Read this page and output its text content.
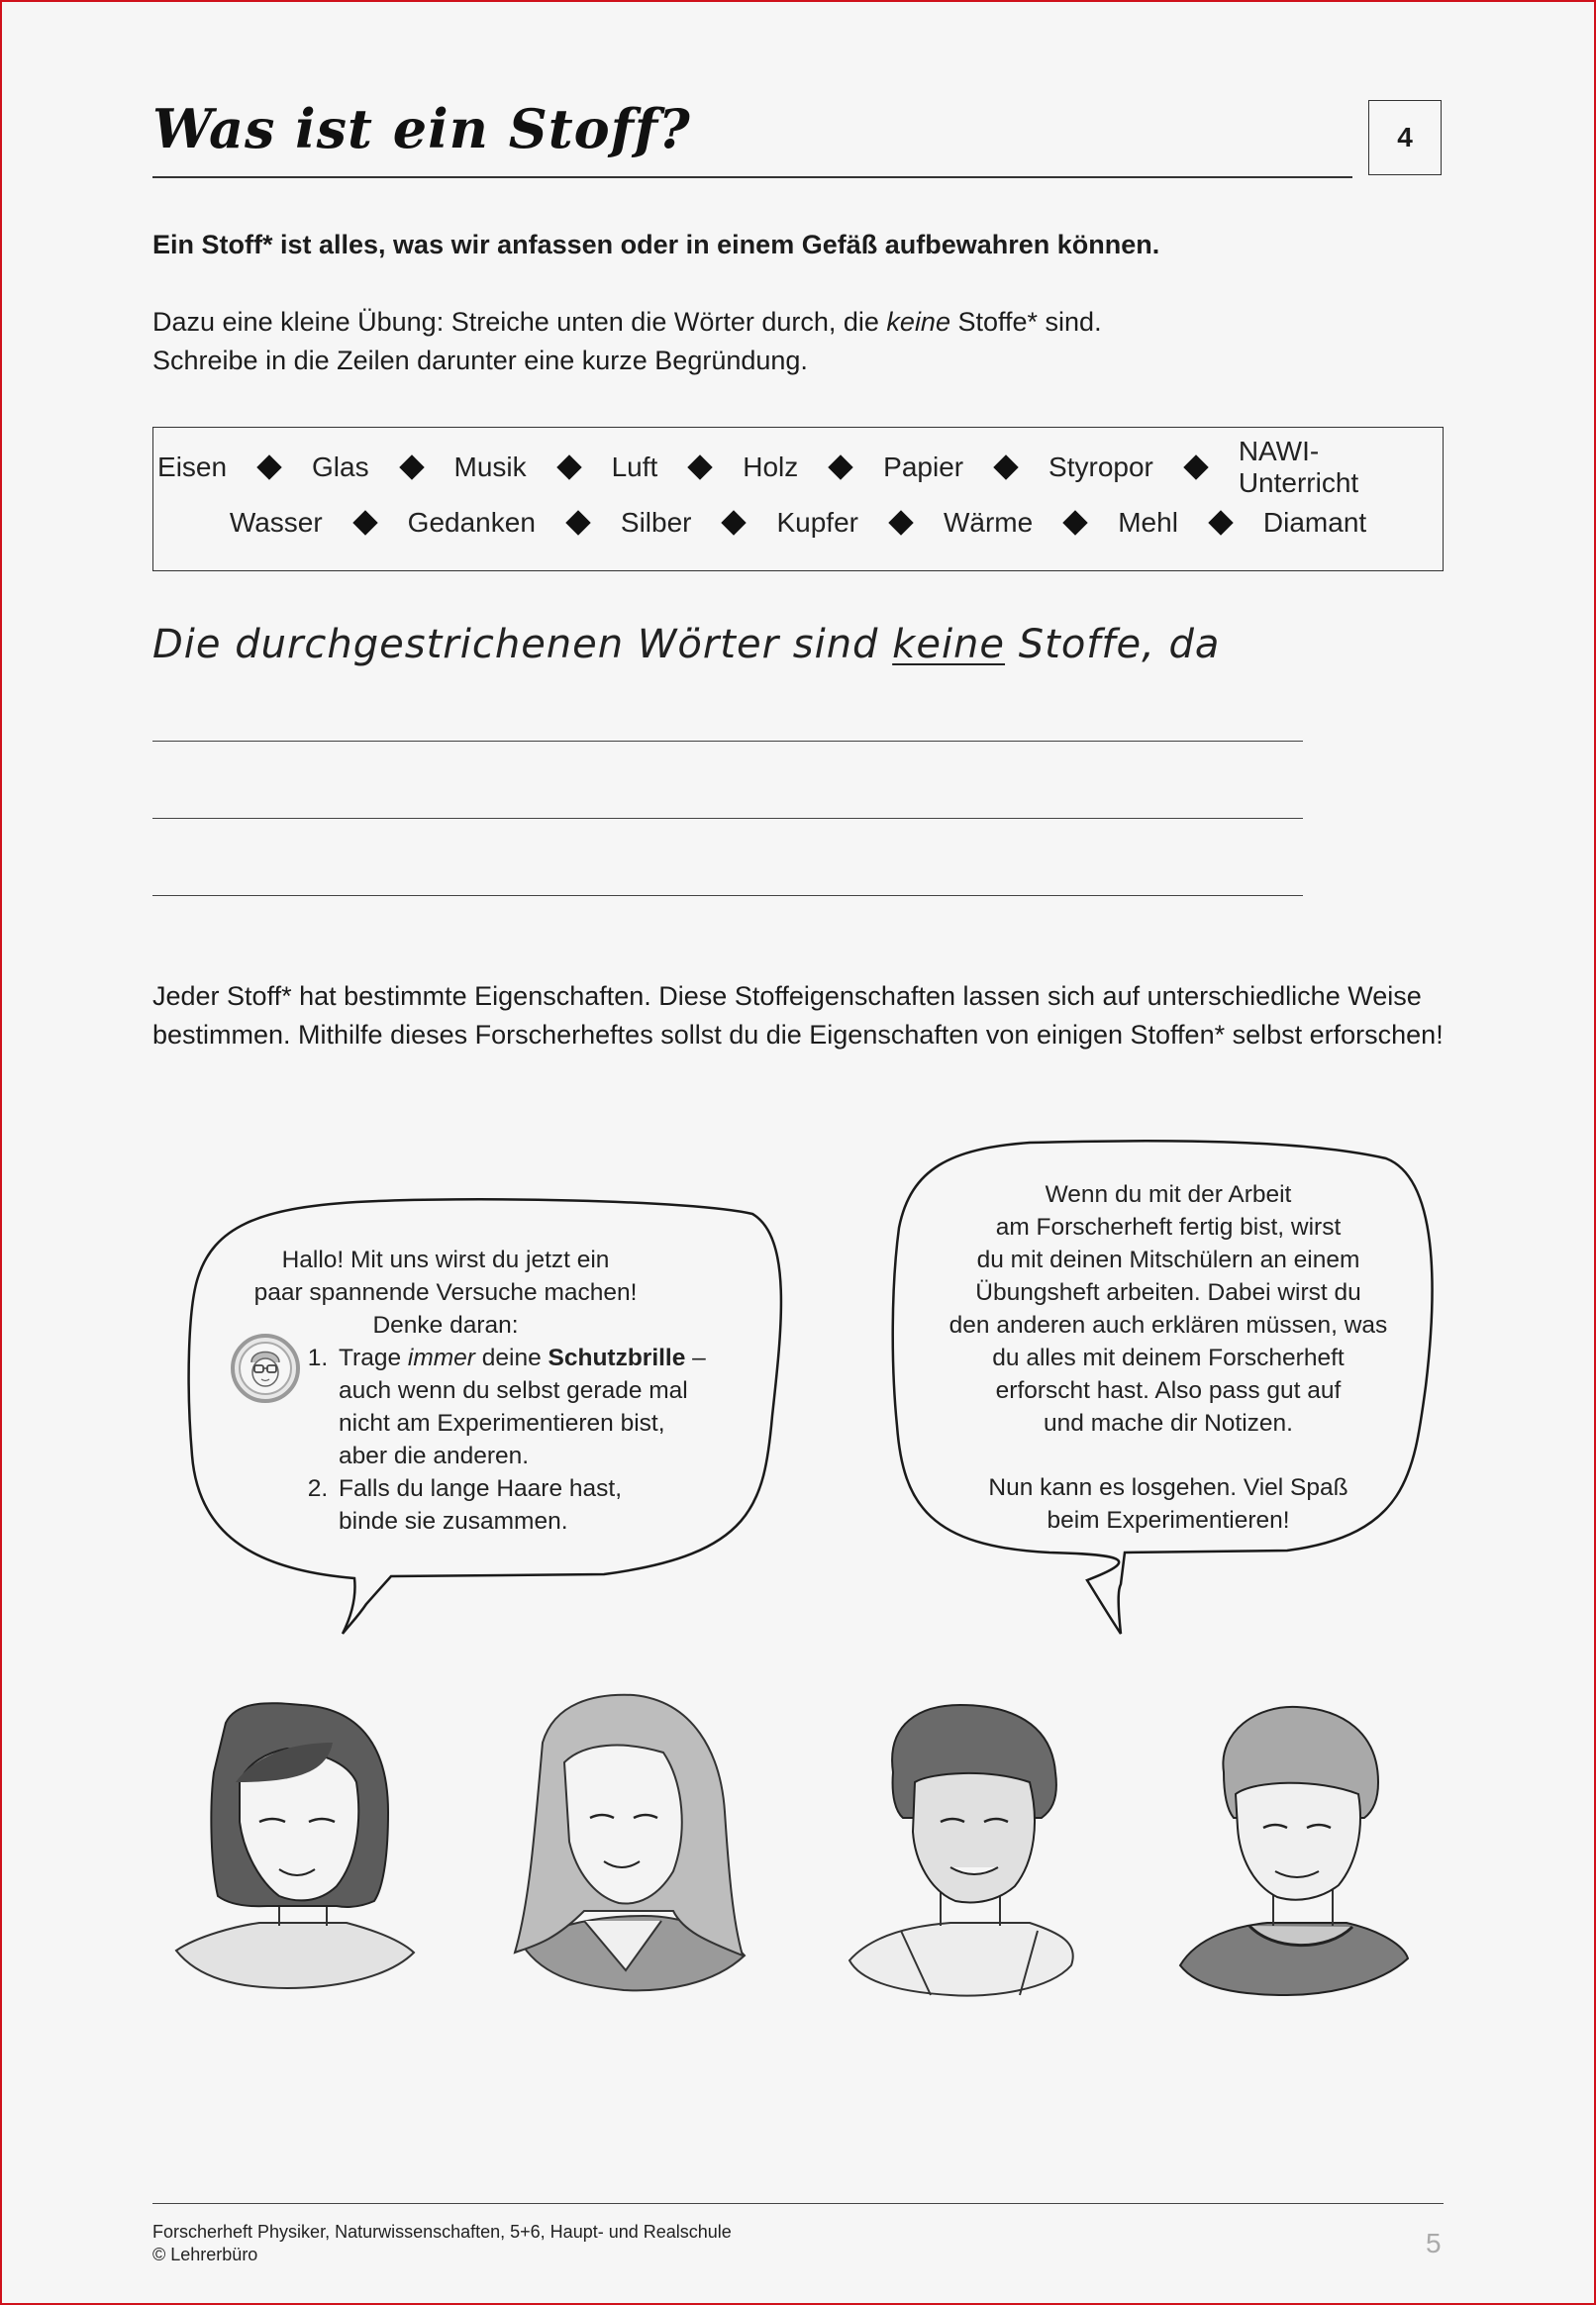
Was ist ein Stoff?	4
Ein Stoff* ist alles, was wir anfassen oder in einem Gefäß aufbewahren können.
Dazu eine kleine Übung: Streiche unten die Wörter durch, die keine Stoffe* sind.
Schreibe in die Zeilen darunter eine kurze Begründung.
Eisen	Glas	Musik	Luft	Holz	Papier	Styropor
NAWI-Unterricht
Wasser	Gedanken	Silber	Kupfer	Wärme	Mehl	Diamant
Die durchgestrichenen Wörter sind keine Stoffe, da
Jeder Stoff* hat bestimmte Eigenschaften. Diese Stoffeigenschaften lassen sich auf unterschiedliche Weise bestimmen. Mithilfe dieses Forscherheftes sollst du die Eigenschaften von einigen Stoffen* selbst erforschen!
Hallo! Mit uns wirst du jetzt ein
paar spannende Versuche machen!
Denke daran:
1. Trage immer deine Schutzbrille –
auch wenn du selbst gerade mal
nicht am Experimentieren bist,
aber die anderen.
2. Falls du lange Haare hast,
binde sie zusammen.
Wenn du mit der Arbeit
am Forscherheft fertig bist, wirst
du mit deinen Mitschülern an einem
Übungsheft arbeiten. Dabei wirst du
den anderen auch erklären müssen, was
du alles mit deinem Forscherheft
erforscht hast. Also pass gut auf
und mache dir Notizen.
Nun kann es losgehen. Viel Spaß
beim Experimentieren!
Forscherheft Physiker, Naturwissenschaften, 5+6, Haupt- und Realschule
© Lehrerbüro	5
